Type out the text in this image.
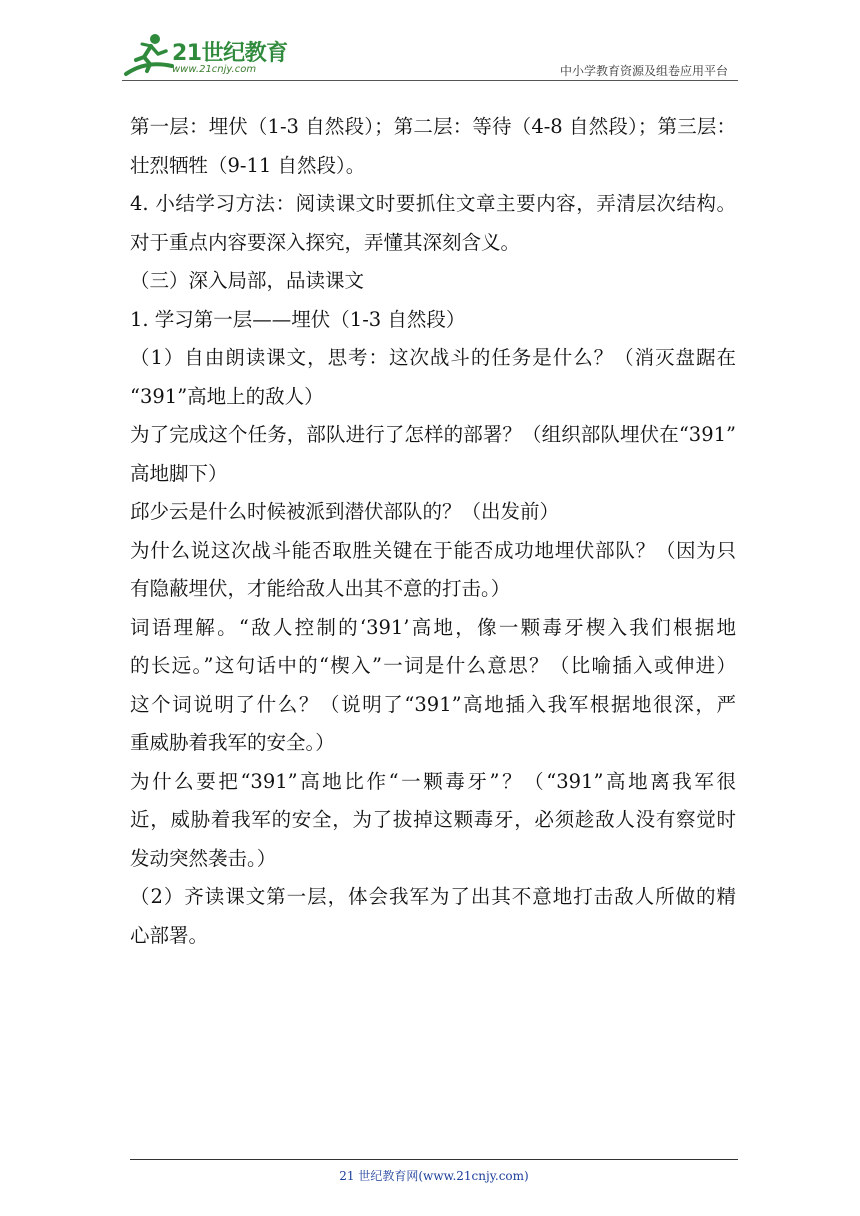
21世纪教育
www.21cnjy.com	中小学教育资源及组卷应用平台
第一层：埋伏（1-3 自然段）；第二层：等待（4-8 自然段）；第三层：
壮烈牺牲（9-11 自然段）。
4. 小结学习方法：阅读课文时要抓住文章主要内容，弄清层次结构。
对于重点内容要深入探究，弄懂其深刻含义。
（三）深入局部，品读课文
1. 学习第一层——埋伏（1-3 自然段）
（1）自由朗读课文，思考：这次战斗的任务是什么？（消灭盘踞在
“391”高地上的敌人）
为了完成这个任务，部队进行了怎样的部署？（组织部队埋伏在“391”
高地脚下）
邱少云是什么时候被派到潜伏部队的？（出发前）
为什么说这次战斗能否取胜关键在于能否成功地埋伏部队？（因为只
有隐蔽埋伏，才能给敌人出其不意的打击。）
词语理解。“敌人控制的‘391’高地，像一颗毒牙楔入我们根据地
的长远。”这句话中的“楔入”一词是什么意思？（比喻插入或伸进）
这个词说明了什么？（说明了“391”高地插入我军根据地很深，严
重威胁着我军的安全。）
为什么要把“391”高地比作“一颗毒牙”？（“391”高地离我军很
近，威胁着我军的安全，为了拔掉这颗毒牙，必须趁敌人没有察觉时
发动突然袭击。）
（2）齐读课文第一层，体会我军为了出其不意地打击敌人所做的精
心部署。
21 世纪教育网(www.21cnjy.com)
